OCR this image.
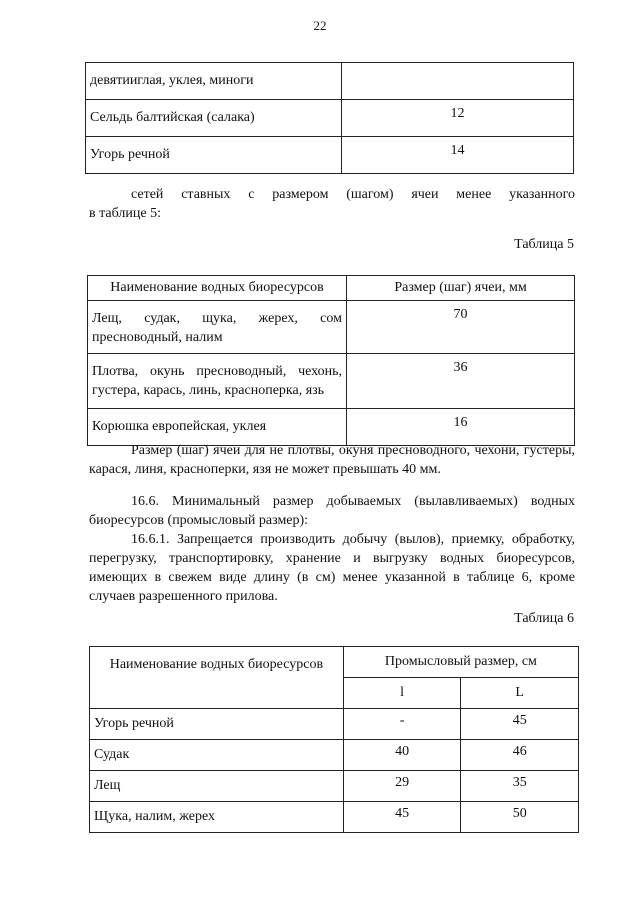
22
девятииглая, уклея, миноги	
Сельдь балтийская (салака)	12
Угорь речной	14
сетей ставных с размером (шагом) ячеи менее указанного
в таблице 5:
Таблица 5
Наименование водных биоресурсов	Размер (шаг) ячеи, мм
Лещ, судак, щука, жерех, сом пресноводный, налим	70
Плотва, окунь пресноводный, чехонь, густера, карась, линь, красноперка, язь	36
Корюшка европейская, уклея	16
Размер (шаг) ячеи для не плотвы, окуня пресноводного, чехони, густеры, карася, линя, красноперки, язя не может превышать 40 мм.
16.6. Минимальный размер добываемых (вылавливаемых) водных биоресурсов (промысловый размер):
16.6.1. Запрещается производить добычу (вылов), приемку, обработку, перегрузку, транспортировку, хранение и выгрузку водных биоресурсов, имеющих в свежем виде длину (в см) менее указанной в таблице 6, кроме случаев разрешенного прилова.
Таблица 6
Наименование водных биоресурсов	Промысловый размер, см	
	l	L
Угорь речной	-	45
Судак	40	46
Лещ	29	35
Щука, налим, жерех	45	50
